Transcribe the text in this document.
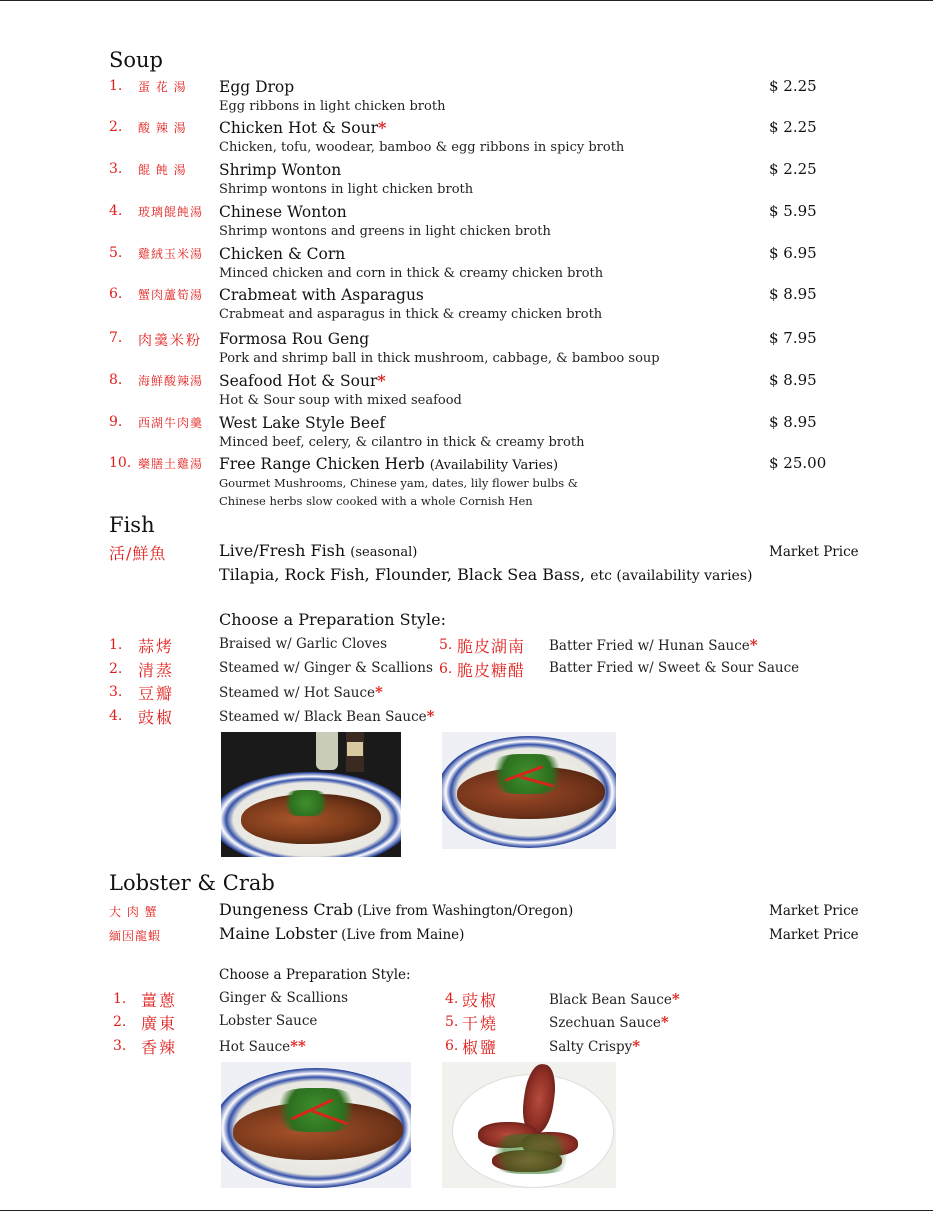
Soup
1. 蛋 花 湯 Egg Drop	$ 2.25
Egg ribbons in light chicken broth
2. 酸 辣 湯 Chicken Hot & Sour*	$ 2.25
Chicken, tofu, woodear, bamboo & egg ribbons in spicy broth
3. 餛 飩 湯 Shrimp Wonton	$ 2.25
Shrimp wontons in light chicken broth
4. 玻璃餛飩湯 Chinese Wonton	$ 5.95
Shrimp wontons and greens in light chicken broth
5. 雞絨玉米湯 Chicken & Corn	$ 6.95
Minced chicken and corn in thick & creamy chicken broth
6. 蟹肉蘆筍湯 Crabmeat with Asparagus	$ 8.95
Crabmeat and asparagus in thick & creamy chicken broth
7. 肉羹米粉 Formosa Rou Geng	$ 7.95
Pork and shrimp ball in thick mushroom, cabbage, & bamboo soup
8. 海鮮酸辣湯 Seafood Hot & Sour*	$ 8.95
Hot & Sour soup with mixed seafood
9. 西湖牛肉羹 West Lake Style Beef	$ 8.95
Minced beef, celery, & cilantro in thick & creamy broth
10. 藥膳土雞湯 Free Range Chicken Herb (Availability Varies)	$ 25.00
Gourmet Mushrooms, Chinese yam, dates, lily flower bulbs &
Chinese herbs slow cooked with a whole Cornish Hen
Fish
活/鮮魚	Live/Fresh Fish (seasonal)	Market Price
Tilapia, Rock Fish, Flounder, Black Sea Bass, etc (availability varies)
Choose a Preparation Style:
1. 蒜烤	Braised w/ Garlic Cloves
2. 清蒸	Steamed w/ Ginger & Scallions
3. 豆瓣	Steamed w/ Hot Sauce*
4. 豉椒	Steamed w/ Black Bean Sauce*
5. 脆皮湖南 Batter Fried w/ Hunan Sauce*
6. 脆皮糖醋 Batter Fried w/ Sweet & Sour Sauce
Lobster & Crab
大 肉 蟹	Dungeness Crab (Live from Washington/Oregon)	Market Price
緬因龍蝦	Maine Lobster (Live from Maine)	Market Price
Choose a Preparation Style:
1. 薑蔥	Ginger & Scallions
2. 廣東	Lobster Sauce
3. 香辣	Hot Sauce**
4. 豉椒	Black Bean Sauce*
5. 干燒	Szechuan Sauce*
6. 椒鹽	Salty Crispy*
